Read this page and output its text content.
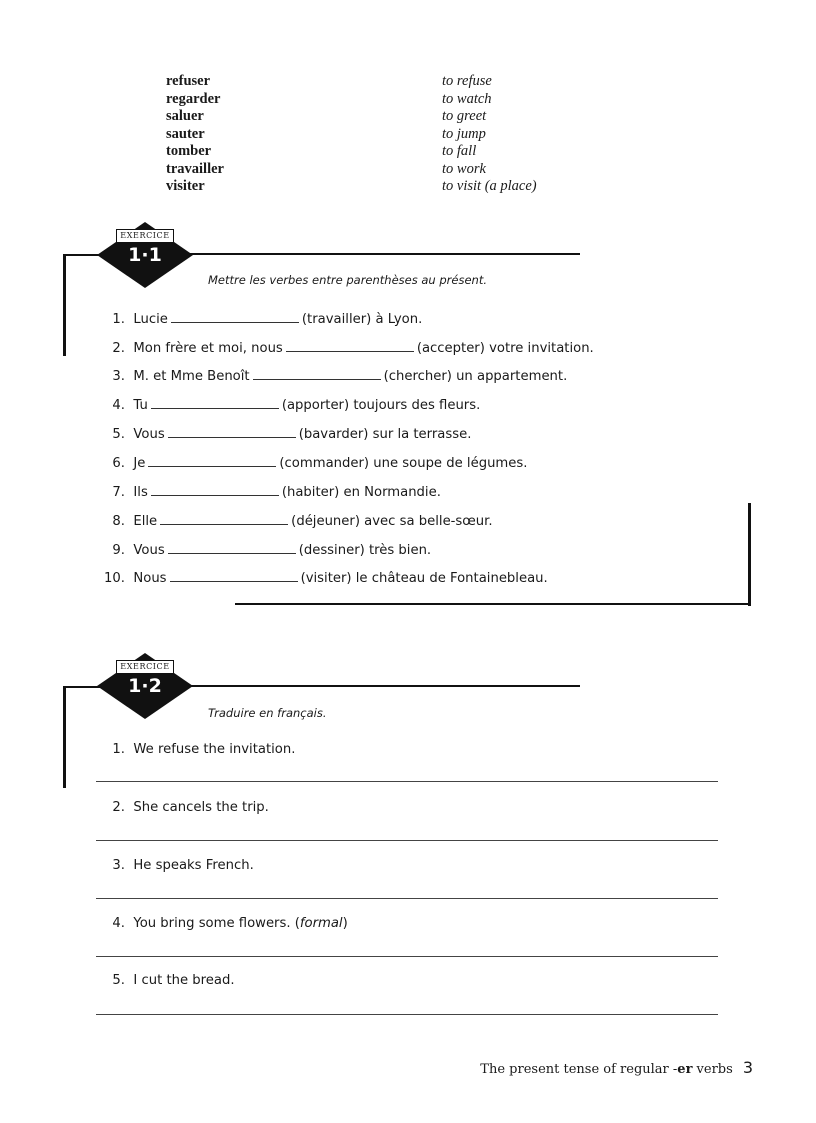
refuser	to refuse
regarder	to watch
saluer	to greet
sauter	to jump
tomber	to fall
travailler	to work
visiter	to visit (a place)
EXERCICE
1·1
Mettre les verbes entre parenthèses au présent.
1. Lucie	(travailler) à Lyon.
2. Mon frère et moi, nous	(accepter) votre invitation.
3. M. et Mme Benoît	(chercher) un appartement.
4. Tu	(apporter) toujours des fleurs.
5. Vous	(bavarder) sur la terrasse.
6. Je	(commander) une soupe de légumes.
7. Ils	(habiter) en Normandie.
8. Elle	(déjeuner) avec sa belle-sœur.
9. Vous	(dessiner) très bien.
10. Nous	(visiter) le château de Fontainebleau.
EXERCICE
1·2
Traduire en français.
1. We refuse the invitation.
2. She cancels the trip.
3. He speaks French.
4. You bring some flowers. (formal)
5. I cut the bread.
The present tense of regular -er verbs 3
